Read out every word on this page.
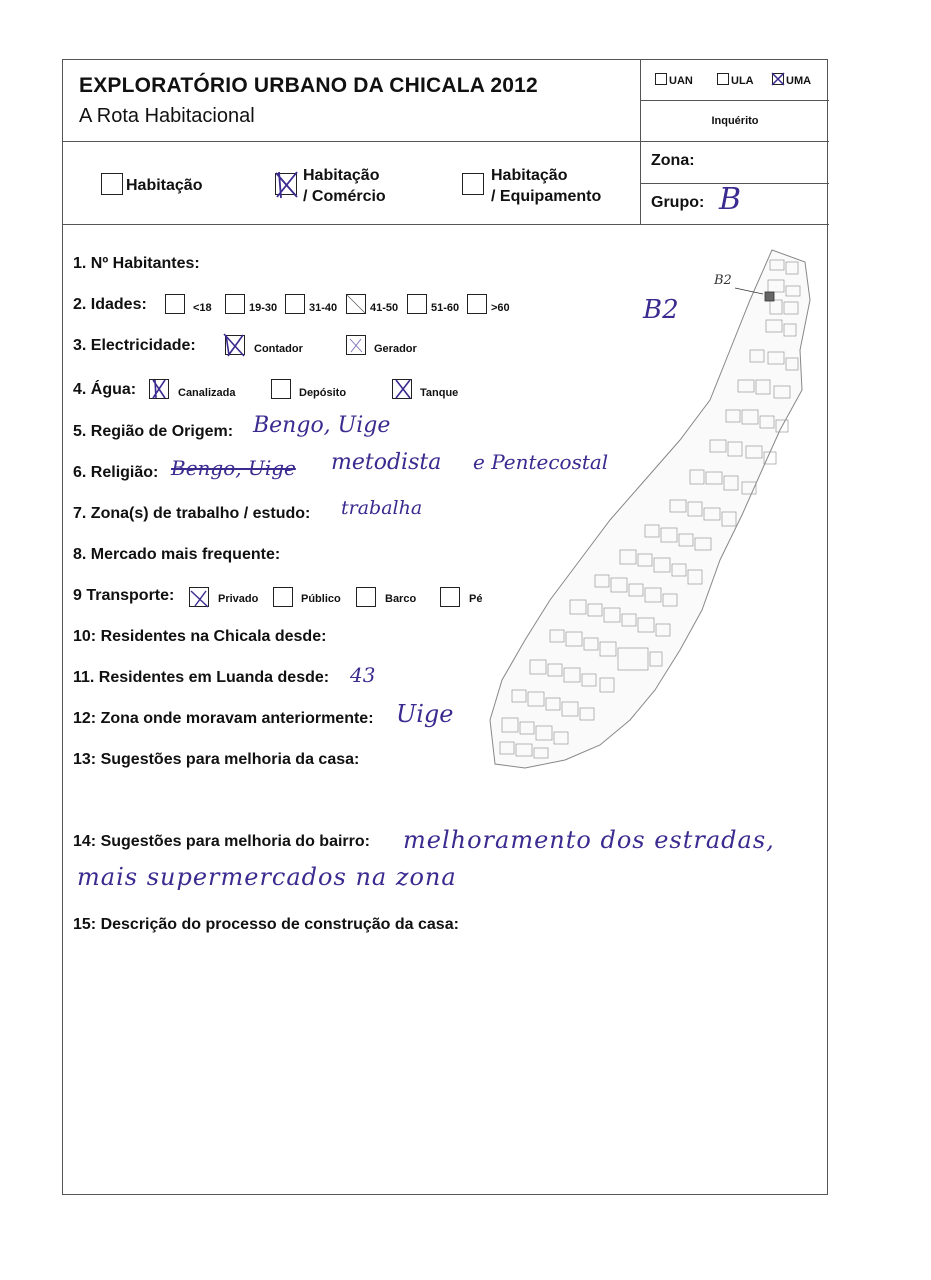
EXPLORATÓRIO URBANO DA CHICALA 2012
A Rota Habitacional
UAN	ULA	UMA
Inquérito
Habitação
Habitação
/ Comércio
Habitação
/ Equipamento
Zona:
Grupo: B
1. Nº Habitantes:
2. Idades:	<18	19-30	31-40	41-50	51-60	>60
3. Electricidade:	Contador	Gerador
4. Água:	Canalizada	Depósito	Tanque
5. Região de Origem: Bengo, Uige
6. Religião: Bengo, Uige metodista e Pentecostal
7. Zona(s) de trabalho / estudo: trabalha
8. Mercado mais frequente:
9 Transporte:	Privado	Público	Barco	Pé
10: Residentes na Chicala desde:
11. Residentes em Luanda desde: 43
12: Zona onde moravam anteriormente: Uige
13: Sugestões para melhoria da casa:
14: Sugestões para melhoria do bairro: melhoramento dos estradas,
mais supermercados na zona
15: Descrição do processo de construção da casa:
B2
B2
